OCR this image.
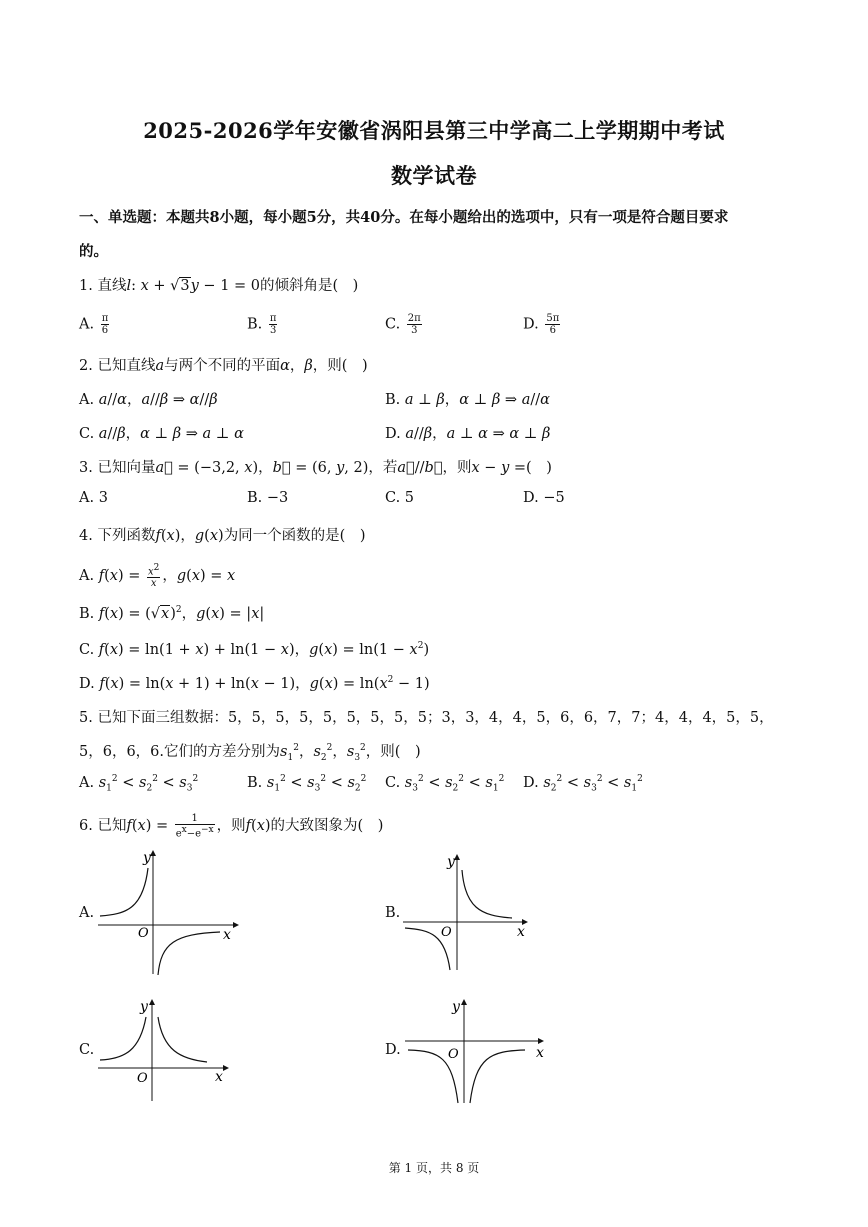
2025-2026学年安徽省涡阳县第三中学高二上学期期中考试
数学试卷
一、单选题：本题共8小题，每小题5分，共40分。在每小题给出的选项中，只有一项是符合题目要求
的。
1. 直线l: x + √3y − 1 = 0的倾斜角是(　)
A. $\frac{\pi}{6}$	B. $\frac{\pi}{3}$	C. $\frac{2\pi}{3}$	D. $\frac{5\pi}{6}$
2. 已知直线a与两个不同的平面α，β，则(　)
A. a//α，a//β ⇒ α//β	B. a ⊥ β，α ⊥ β ⇒ a//α
C. a//β，α ⊥ β ⇒ a ⊥ α	D. a//β，a ⊥ α ⇒ α ⊥ β
3. 已知向量a⃗ = (−3,2, x)，b⃗ = (6, y, 2)，若a⃗//b⃗，则x − y =(　)
A. 3	B. −3	C. 5	D. −5
4. 下列函数f(x)，g(x)为同一个函数的是(　)
A. $f(x) = \frac{x^2}{x}$ ，g(x) = x
B. $f(x) = (√x)^2$，g(x) = |x|
C. f(x) = ln(1 + x) + ln(1 − x)，$g(x) = \ln(1 - x^2)$
D. f(x) = ln(x + 1) + ln(x − 1)，$g(x) = \ln(x^2 - 1)$
5. 已知下面三组数据：5，5，5，5，5，5，5，5，5；3，3，4，4，5，6，6，7，7；4，4，4，5，5，
5，6，6，6.它们的方差分别为$s_1^2$，$s_2^2$，$s_3^2$，则(　)
A. $s_1^2 < s_2^2 < s_3^2$	B. $s_1^2 < s_3^2 < s_2^2$ C. $s_3^2 < s_2^2 < s_1^2$ D. $s_2^2 < s_3^2 < s_1^2$
6. 已知$f(x) = \frac{1}{e^x-e^{-x}}$ ，则f(x)的大致图象为(　)
A.
y
O	x
B.
y
O	x
C.
y
O	x
D.
y
O	x
第 1 页，共 8 页
